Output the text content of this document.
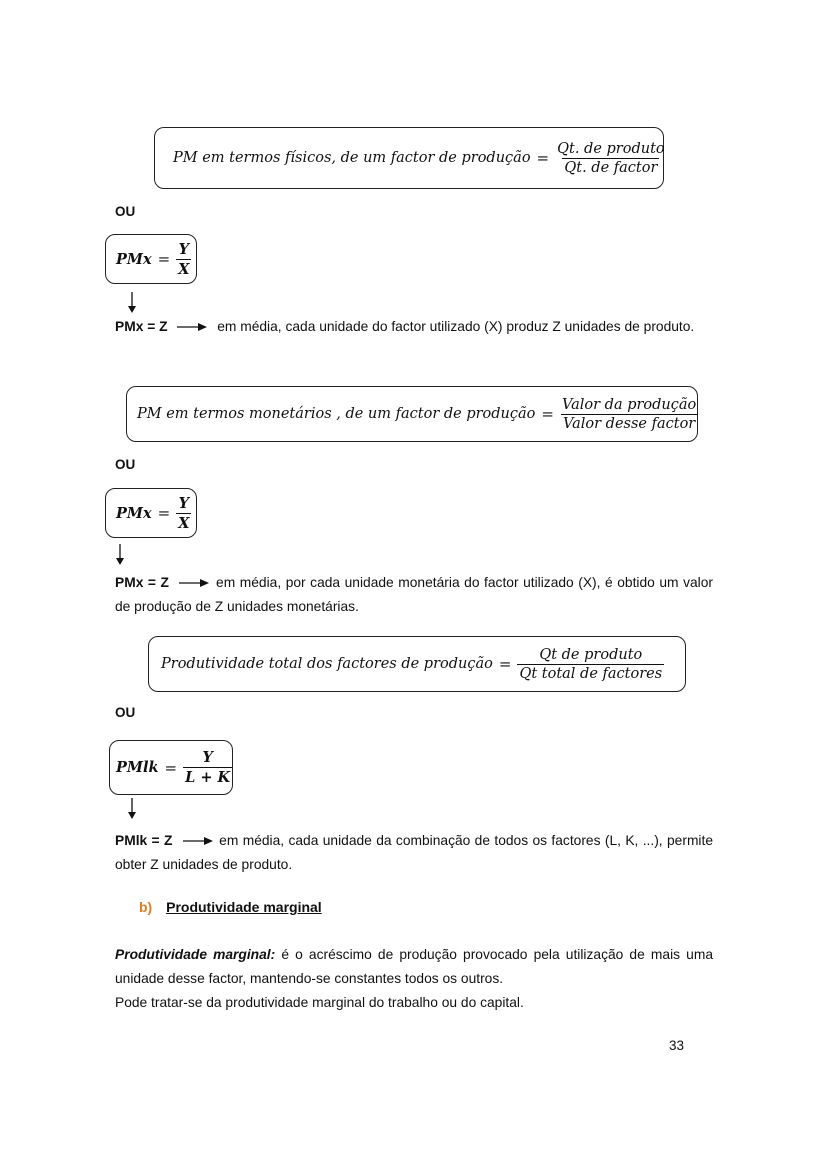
PM em termos físicos, de um factor de produção = $\frac{\text{Qt. de produto}}{\text{Qt. de factor}}$
OU
PMx = $\frac{Y}{X}$
PMx = Z	em média, cada unidade do factor utilizado (X) produz Z unidades de produto.
PM em termos monetários , de um factor de produção = $\frac{\text{Valor da produção}}{\text{Valor desse factor}}$
OU
PMx = $\frac{Y}{X}$
PMx = Z	em média, por cada unidade monetária do factor utilizado (X), é obtido um valor de produção de Z unidades monetárias.
Produtividade total dos factores de produção = $\frac{\text{Qt de produto}}{\text{Qt total de factores}}$
OU
PMlk = $\frac{Y}{L + K}$
PMlk = Z	em média, cada unidade da combinação de todos os factores (L, K, ...), permite obter Z unidades de produto.
b) Produtividade marginal
Produtividade marginal: é o acréscimo de produção provocado pela utilização de mais uma unidade desse factor, mantendo-se constantes todos os outros.
Pode tratar-se da produtividade marginal do trabalho ou do capital.
33
